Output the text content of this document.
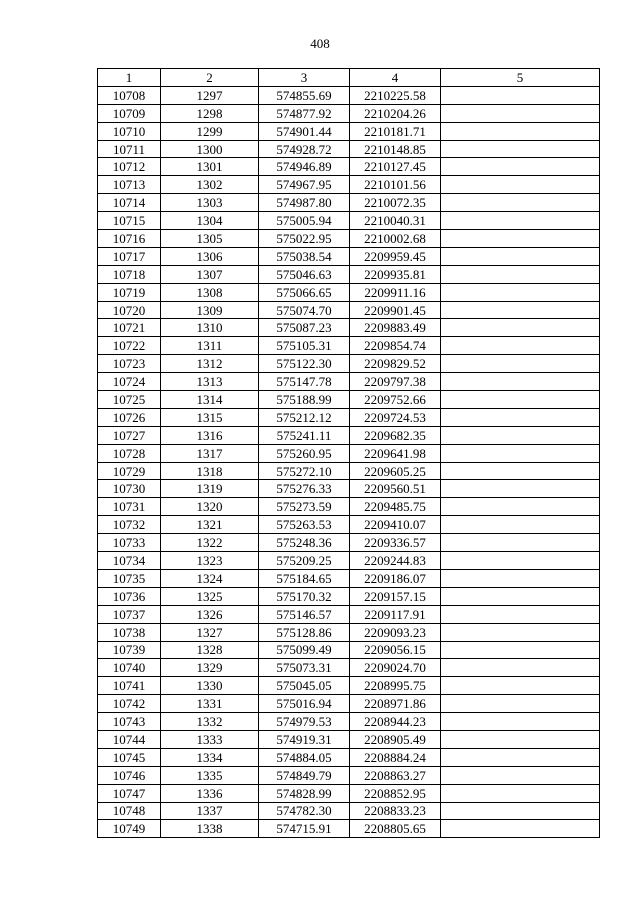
408
1	2	3	4	5
10708	1297	574855.69	2210225.58	
10709	1298	574877.92	2210204.26	
10710	1299	574901.44	2210181.71	
10711	1300	574928.72	2210148.85	
10712	1301	574946.89	2210127.45	
10713	1302	574967.95	2210101.56	
10714	1303	574987.80	2210072.35	
10715	1304	575005.94	2210040.31	
10716	1305	575022.95	2210002.68	
10717	1306	575038.54	2209959.45	
10718	1307	575046.63	2209935.81	
10719	1308	575066.65	2209911.16	
10720	1309	575074.70	2209901.45	
10721	1310	575087.23	2209883.49	
10722	1311	575105.31	2209854.74	
10723	1312	575122.30	2209829.52	
10724	1313	575147.78	2209797.38	
10725	1314	575188.99	2209752.66	
10726	1315	575212.12	2209724.53	
10727	1316	575241.11	2209682.35	
10728	1317	575260.95	2209641.98	
10729	1318	575272.10	2209605.25	
10730	1319	575276.33	2209560.51	
10731	1320	575273.59	2209485.75	
10732	1321	575263.53	2209410.07	
10733	1322	575248.36	2209336.57	
10734	1323	575209.25	2209244.83	
10735	1324	575184.65	2209186.07	
10736	1325	575170.32	2209157.15	
10737	1326	575146.57	2209117.91	
10738	1327	575128.86	2209093.23	
10739	1328	575099.49	2209056.15	
10740	1329	575073.31	2209024.70	
10741	1330	575045.05	2208995.75	
10742	1331	575016.94	2208971.86	
10743	1332	574979.53	2208944.23	
10744	1333	574919.31	2208905.49	
10745	1334	574884.05	2208884.24	
10746	1335	574849.79	2208863.27	
10747	1336	574828.99	2208852.95	
10748	1337	574782.30	2208833.23	
10749	1338	574715.91	2208805.65	
